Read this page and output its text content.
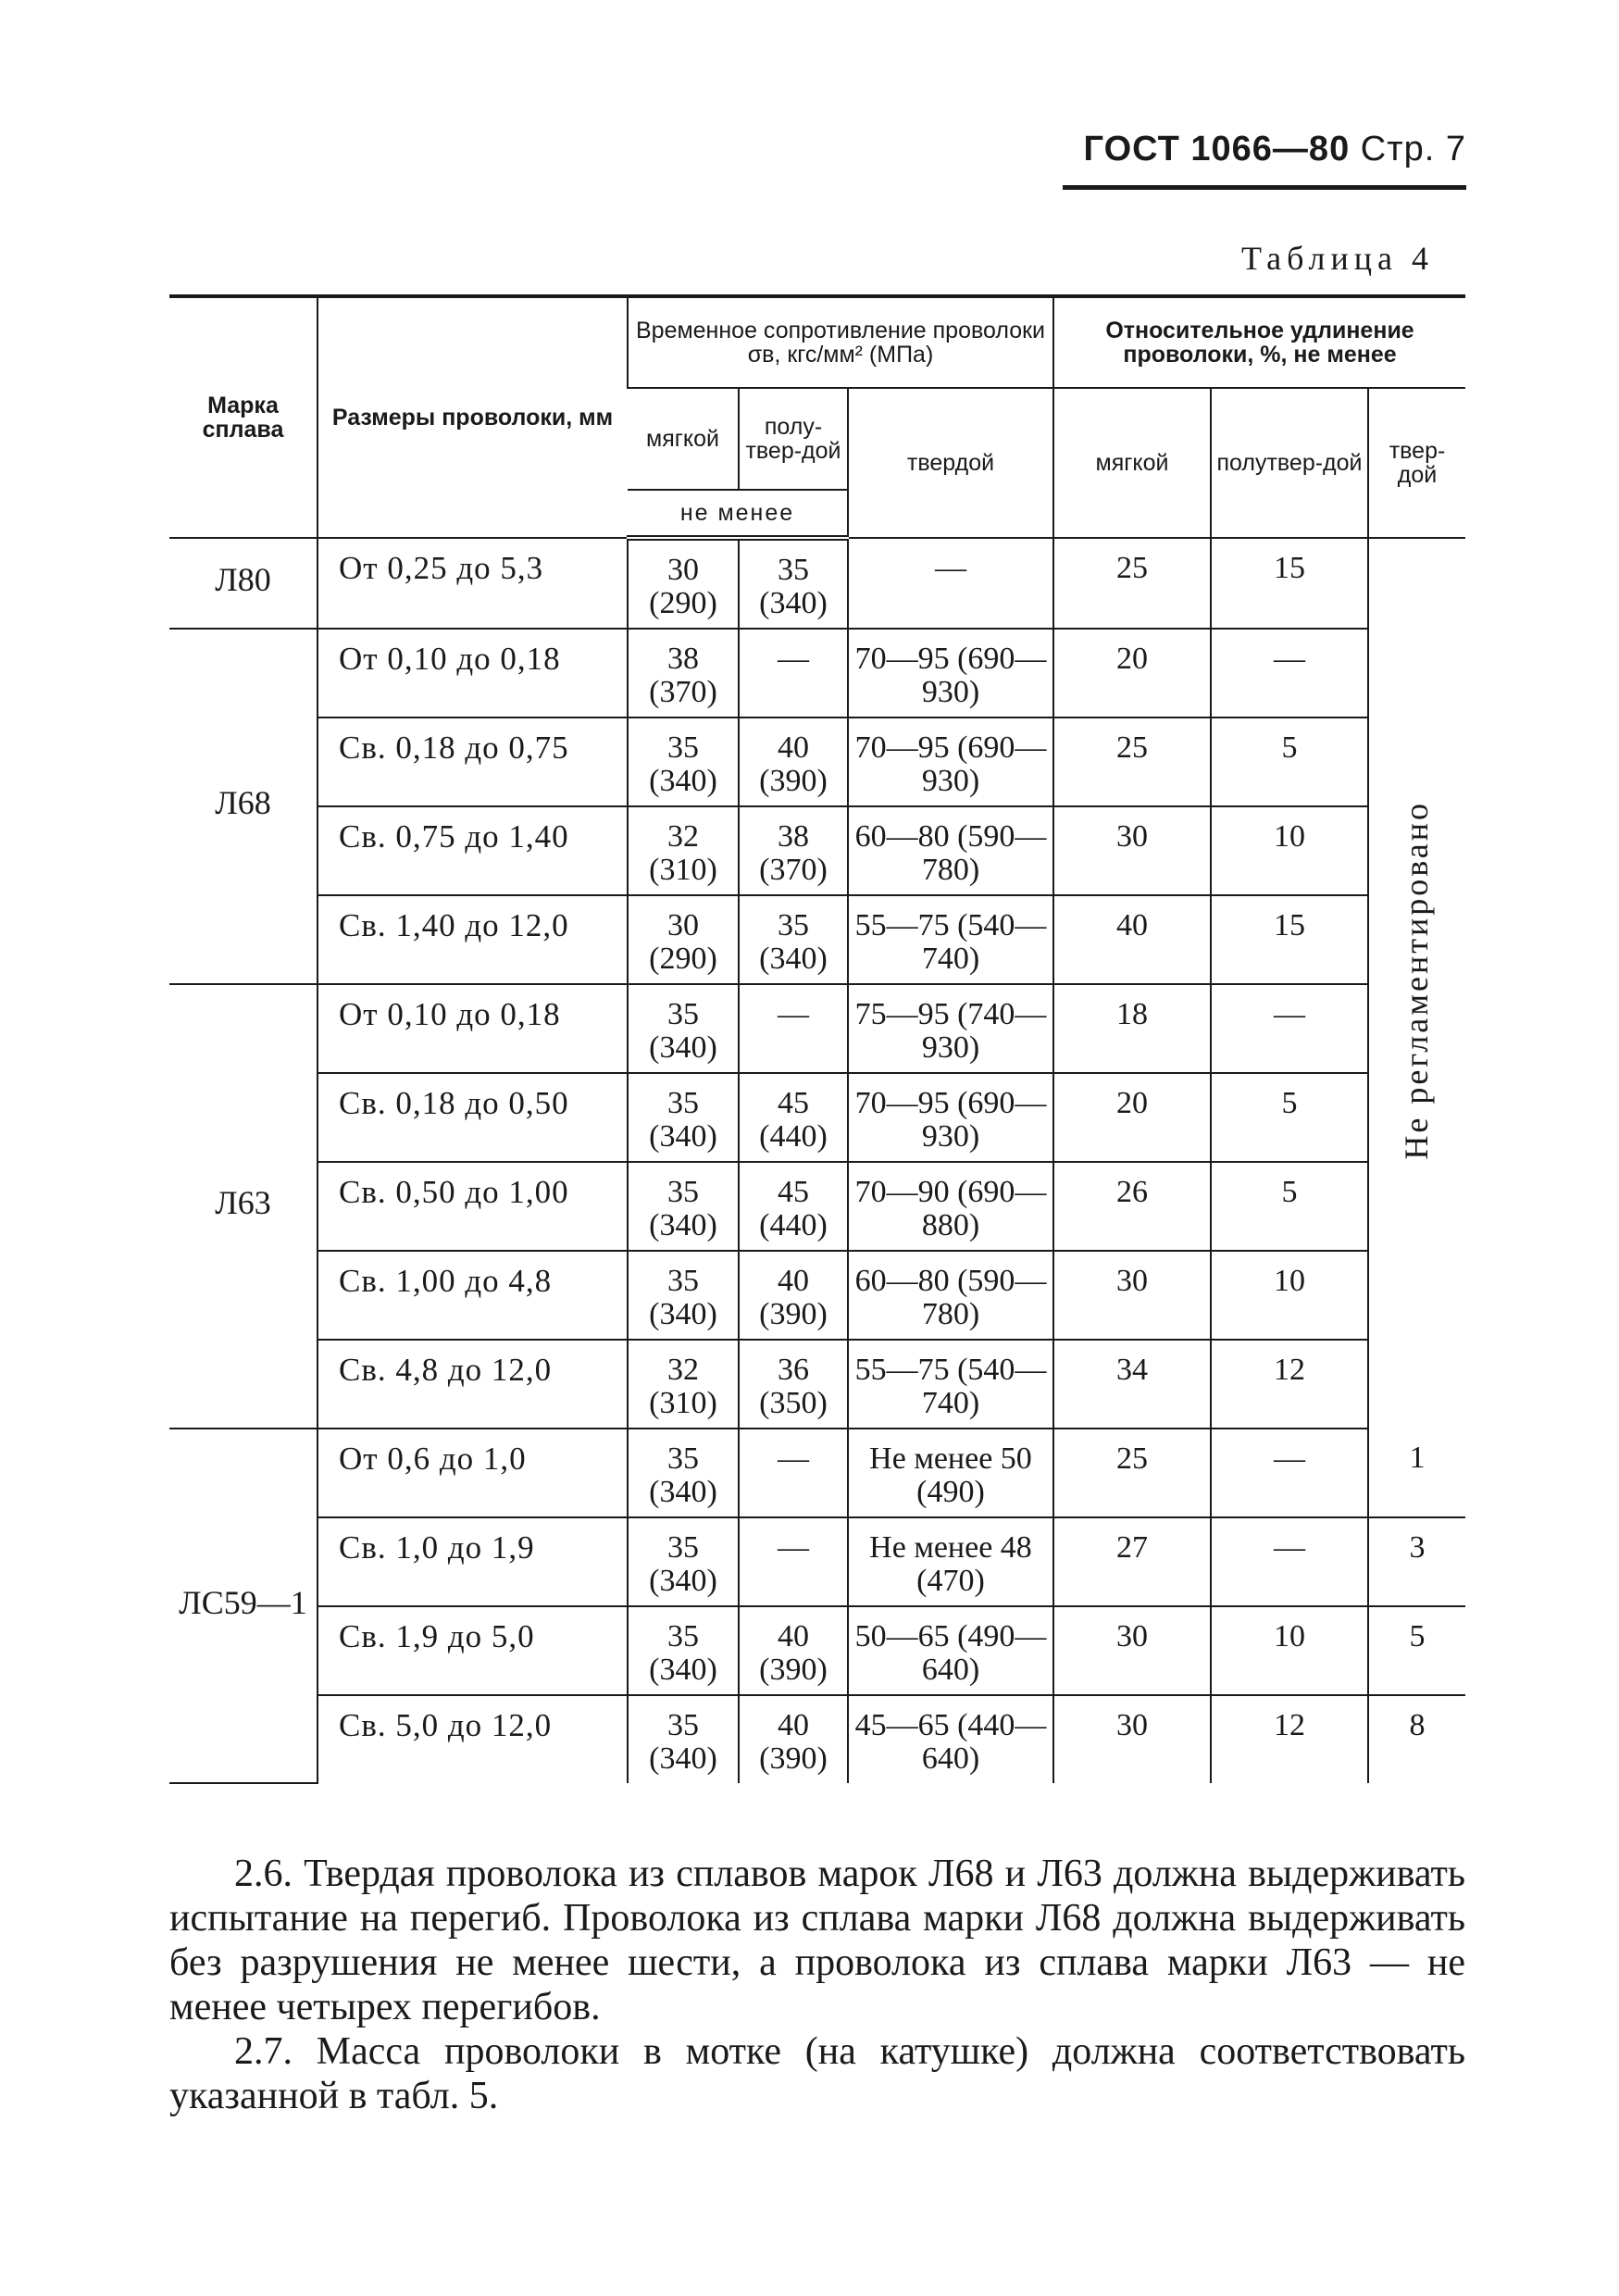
ГОСТ 1066—80 Стр. 7
Таблица 4
Марка сплава	Размеры проволоки, мм	Временное сопротивление проволоки σв, кгс/мм² (МПа)			Относительное удлинение проволоки, %, не менее		
		мягкой	полу-твер-дой	твердой	мягкой	полутвер-дой	твер-дой
		не менее					
Л80	От 0,25 до 5,3	30 (290)	35 (340)	—	25	15	Не регламентировано
Л68	От 0,10 до 0,18	38 (370)	—	70—95 (690—930)	20	—	
	Св. 0,18 до 0,75	35 (340)	40 (390)	70—95 (690—930)	25	5	
	Св. 0,75 до 1,40	32 (310)	38 (370)	60—80 (590—780)	30	10	
	Св. 1,40 до 12,0	30 (290)	35 (340)	55—75 (540—740)	40	15	
Л63	От 0,10 до 0,18	35 (340)	—	75—95 (740—930)	18	—	
	Св. 0,18 до 0,50	35 (340)	45 (440)	70—95 (690—930)	20	5	
	Св. 0,50 до 1,00	35 (340)	45 (440)	70—90 (690—880)	26	5	
	Св. 1,00 до 4,8	35 (340)	40 (390)	60—80 (590—780)	30	10	
	Св. 4,8 до 12,0	32 (310)	36 (350)	55—75 (540—740)	34	12	
ЛС59—1	От 0,6 до 1,0	35 (340)	—	Не менее 50 (490)	25	—	1
	Св. 1,0 до 1,9	35 (340)	—	Не менее 48 (470)	27	—	3
	Св. 1,9 до 5,0	35 (340)	40 (390)	50—65 (490—640)	30	10	5
	Св. 5,0 до 12,0	35 (340)	40 (390)	45—65 (440—640)	30	12	8

2.6. Твердая проволока из сплавов марок Л68 и Л63 должна выдерживать испытание на перегиб. Проволока из сплава марки Л68 должна выдерживать без разрушения не менее шести, а проволока из сплава марки Л63 — не менее четырех перегибов.

2.7. Масса проволоки в мотке (на катушке) должна соответствовать указанной в табл. 5.
